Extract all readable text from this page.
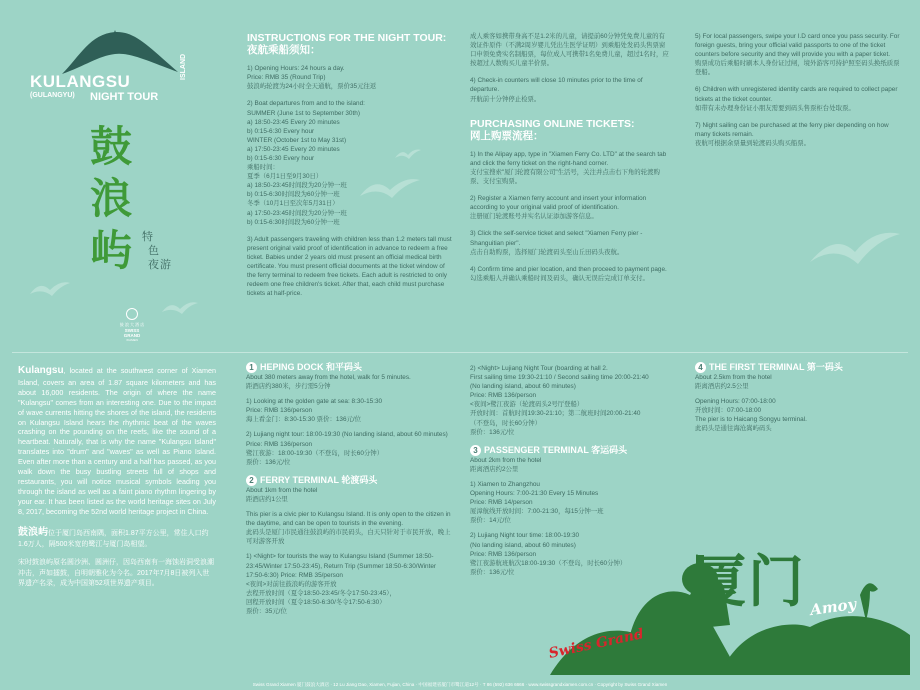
KULANGSU
(GULANGYU) NIGHT TOUR
ISLAND
鼓
浪
屿 特
色
夜 游
鼓 浪 大 酒 店
SWISS GRAND
XIAMEN
INSTRUCTIONS FOR THE NIGHT TOUR:
夜航乘船须知：
1) Opening Hours: 24 hours a day.
Price: RMB 35 (Round Trip)
鼓浪屿轮渡为24小时全天通航，票价35元往返
2) Boat departures from and to the island:
SUMMER (June 1st to September 30th)
a) 18:50-23:45 Every 20 minutes
b) 0:15-6:30 Every hour
WINTER (October 1st to May 31st)
a) 17:50-23:45 Every 20 minutes
b) 0:15-6:30 Every hour
乘船时间：
夏季（6月1日至9月30日）
a) 18:50-23:45时间段为20分钟一班
b) 0:15-6:30时间段为60分钟一班
冬季（10月1日至次年5月31日）
a) 17:50-23:45时间段为20分钟一班
b) 0:15-6:30时间段为60分钟一班
3) Adult passengers traveling with children less than 1.2 meters tall must present original valid proof of identification in advance to redeem a free ticket. Babies under 2 years old must present an official medical birth certificate. You must present official documents at the ticket window of the ferry terminal to redeem free tickets. Each adult is restricted to only redeem one free children's ticket. After that, each child must purchase tickets at half-price.
成人乘客如携带身高不足1.2米的儿童，请提前60分钟凭免费儿童的有效证件原件（不满2周岁婴儿凭出生医学证明）到乘船处发码头售票窗口申领免费实名制船票，每位成人可携带1名免费儿童，超过1名时，应按超过人数购买儿童半价票。
4) Check-in counters will close 10 minutes prior to the time of departure.
开航前十分钟停止检票。
PURCHASING ONLINE TICKETS:
网上购票流程：
1) In the Alipay app, type in "Xiamen Ferry Co. LTD" at the search tab and click the ferry ticket on the right-hand corner.
支付宝搜索"厦门轮渡有限公司"生活号，关注并点击右下角的轮渡购票、支付宝购票。
2) Register a Xiamen ferry account and insert your information according to your original valid proof of identification.
注册厦门轮渡账号并实名认证添加游客信息。
3) Click the self-service ticket and select "Xiamen Ferry pier - Shanguitian pier".
点击自助购票，选择厦门轮渡码头至山丘田码头夜航。
4) Confirm time and pier location, and then proceed to payment page.
勾选乘船人并确认乘船时间及码头，确认无误后完成订单支付。
5) For local passengers, swipe your I.D card once you pass security. For foreign guests, bring your official valid passports to one of the ticket counters before security and they will provide you with a paper ticket.
购票成功后乘船时刷本人身份证过闸，境外游客可持护照至码头换纸质票登船。
6) Children with unregistered identity cards are required to collect paper tickets at the ticket counter.
如带有未办理身份证小朋友需要到码头售票柜台处取票。
7) Night sailing can be purchased at the ferry pier depending on how many tickets remain.
夜航可根据余票量到轮渡码头购买船票。
Kulangsu, located at the southwest corner of Xiamen Island, covers an area of 1.87 square kilometers and has about 16,000 residents. The origin of where the name "Kulangsu" comes from an interesting one. Due to the impact of wave currents hitting the shores of the island, the residents on Kulangsu Island hears the rhythmic beat of the waves crashing on the pounding on the reefs, like the sound of a heartbeat. Naturally, that is why the name "Kulangsu Island" translates into "drum" and "waves" as well as Piano Island. Even after more than a century and a half has passed, as you walk down the busy bustling streets full of shops and restaurants, you will notice musical symbols leading you through the island as well as a faint piano rhythm lingering by your ear. It has been listed as the world heritage sites on July 8, 2017, becoming the 52nd world heritage project in China.
鼓浪屿位于厦门岛西南隅，面积1.87平方公里，常住人口约1.6万人，隔500米宽的鹭江与厦门岛相望。
宋时鼓浪屿原名圆沙洲、圆洲仔，因岛西南有一海蚀岩洞受浪潮冲击，声如擂鼓，自明朝雅化为今名。2017年7月8日被列入世界遗产名录，成为中国第52项世界遗产项目。
1 HEPING DOCK 和平码头
About 380 meters away from the hotel, walk for 5 minutes.
距酒店约380米，步行需5分钟
1) Looking at the golden gate at sea: 8:30-15:30
Price: RMB 136/person
海上看金门：8:30-15:30 票价：136元/位
2) Lujiang night tour: 18:00-19:30 (No landing island, about 60 minutes) Price: RMB 136/person
鹭江夜游：18:00-19:30（不登岛，时长60分钟）
票价：136元/位
2 FERRY TERMINAL 轮渡码头
About 1km from the hotel
距酒店约1公里
This pier is a civic pier to Kulangsu Island. It is only open to the citizen in the daytime, and can be open to tourists in the evening.
此码头是厦门市民通往鼓浪屿的市民码头，白天只针对于市民开放，晚上可对游客开放
1) <Night> for tourists the way to Kulangsu Island (Summer 18:50-23:45/Winter 17:50-23:45), Return Trip (Summer 18:50-6:30/Winter 17:50-6:30) Price: RMB 35/person
<夜间>对前往鼓浪屿的游客开放
去程开放时间（夏令18:50-23:45/冬令17:50-23:45），
回程开放时间（夏令18:50-6:30/冬令17:50-6:30）
票价：35元/位
2) <Night> Lujiang Night Tour (boarding at hall 2.
First sailing time 19:30-21:10 / Second sailing time 20:00-21:40
(No landing island, about 60 minutes)
Price: RMB 136/person
<夜间>鹭江夜游（轮渡码头2号厅登船）
开放时间：首航时间19:30-21:10；第二航班时间20:00-21:40
（不登岛，时长60分钟）
票价：136元/位
3 PASSENGER TERMINAL 客运码头
About 2km from the hotel
距离酒店约2公里
1) Xiamen to Zhangzhou
Opening Hours: 7:00-21:30 Every 15 Minutes
Price: RMB 14/person
厦漳航线开放时间：7:00-21:30，每15分钟一班
票价：14元/位
2) Lujiang Night tour time: 18:00-19:30
(No landing island, about 60 minutes)
Price: RMB 136/person
鹭江夜游航班航次18:00-19:30（不登岛，时长60分钟）
票价：136元/位
4 THE FIRST TERMINAL 第一码头
About 2.5km from the hotel
距离酒店约2.5公里
Opening Hours: 07:00-18:00
开放时间：07:00-18:00
The pier is to Haicang Songyu terminal.
此码头是通往海沧嵩屿码头
厦门 Amoy
Swiss Grand
Swiss Grand Xiamen 厦门鼓浪大酒店 · 12 Lu Jiang Dao, Xiamen, Fujian, China · 中国福建省厦门市鹭江道12号 · T 86 (592) 636 6666 · www.swissgrandxiamen.com.cn · Copyright by Swiss Grand Xiamen
